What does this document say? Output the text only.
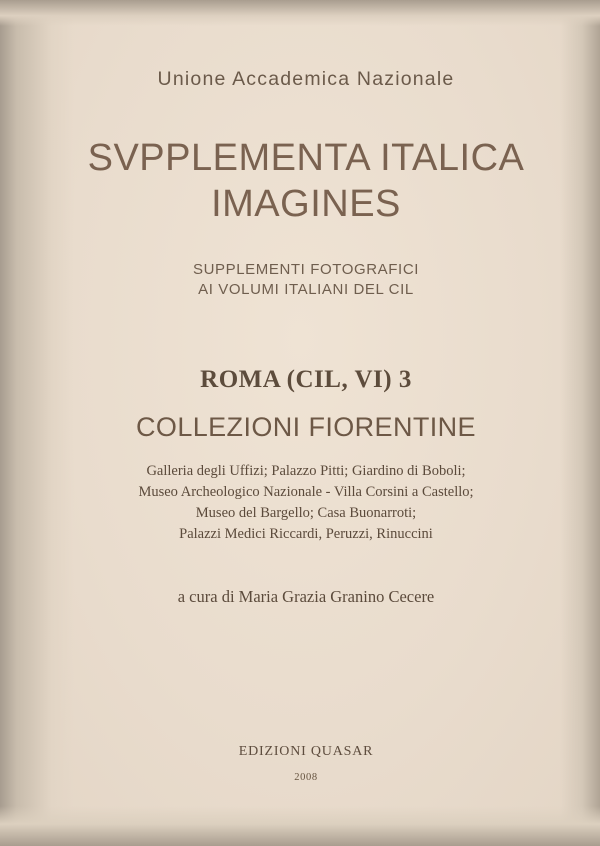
Unione Accademica Nazionale
SVPPLEMENTA ITALICA
IMAGINES
SUPPLEMENTI FOTOGRAFICI
AI VOLUMI ITALIANI DEL CIL
ROMA (CIL, VI) 3
COLLEZIONI FIORENTINE
Galleria degli Uffizi; Palazzo Pitti; Giardino di Boboli;
Museo Archeologico Nazionale - Villa Corsini a Castello;
Museo del Bargello; Casa Buonarroti;
Palazzi Medici Riccardi, Peruzzi, Rinuccini
a cura di Maria Grazia Granino Cecere
EDIZIONI QUASAR
2008
